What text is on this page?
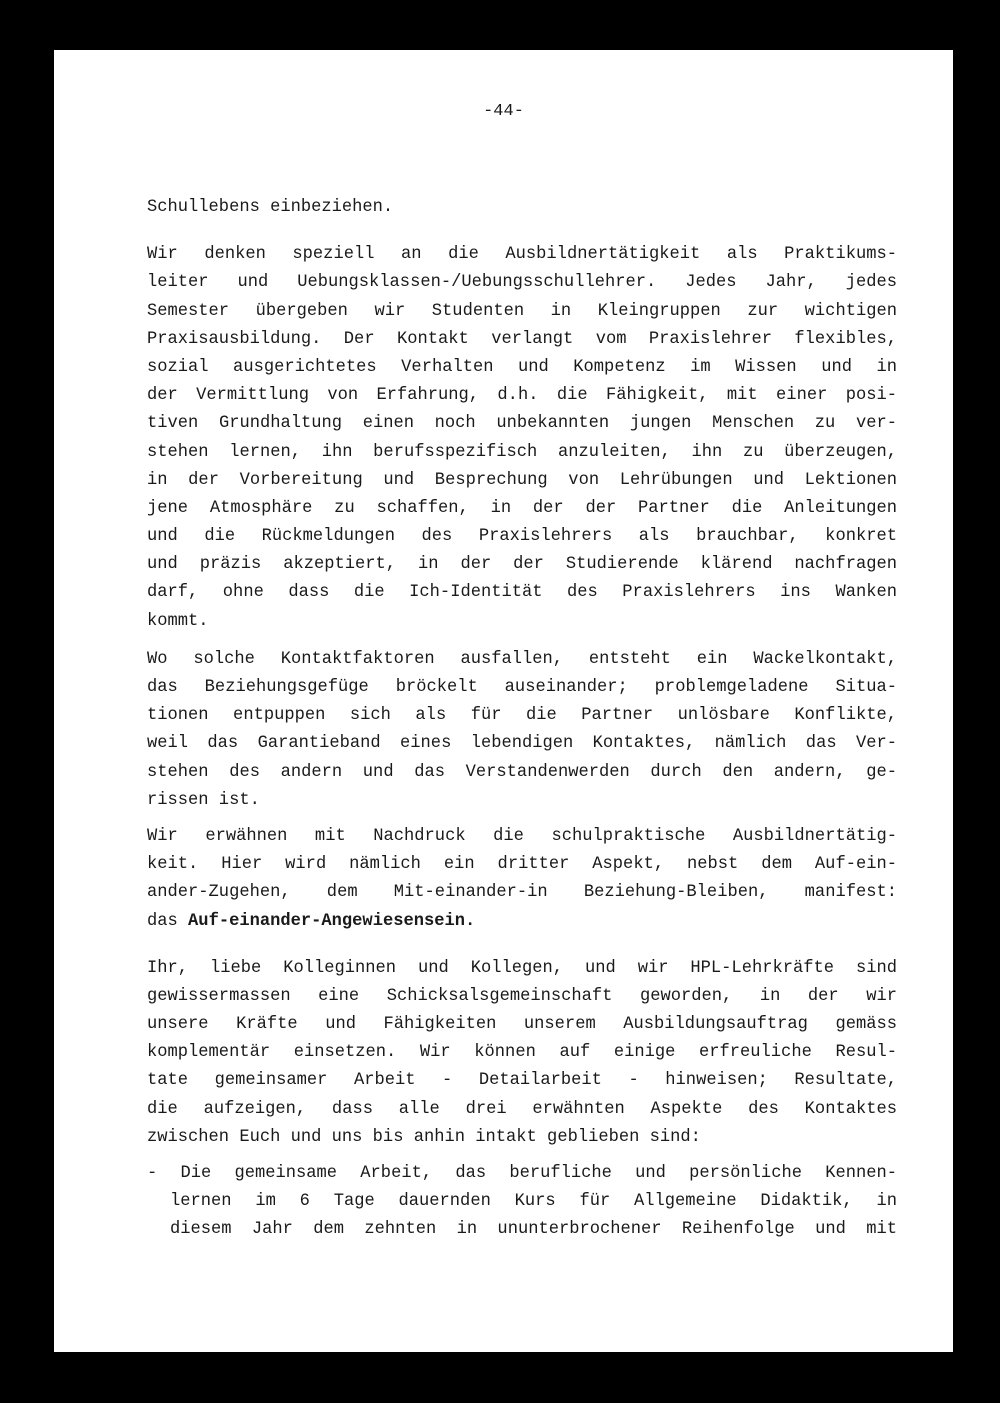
-44-
Schullebens einbeziehen.
Wir denken speziell an die Ausbildnertätigkeit als Praktikums-
leiter und Uebungsklassen-/Uebungsschullehrer. Jedes Jahr, jedes
Semester übergeben wir Studenten in Kleingruppen zur wichtigen
Praxisausbildung. Der Kontakt verlangt vom Praxislehrer flexibles,
sozial ausgerichtetes Verhalten und Kompetenz im Wissen und in
der Vermittlung von Erfahrung, d.h. die Fähigkeit, mit einer posi-
tiven Grundhaltung einen noch unbekannten jungen Menschen zu ver-
stehen lernen, ihn berufsspezifisch anzuleiten, ihn zu überzeugen,
in der Vorbereitung und Besprechung von Lehrübungen und Lektionen
jene Atmosphäre zu schaffen, in der der Partner die Anleitungen
und die Rückmeldungen des Praxislehrers als brauchbar, konkret
und präzis akzeptiert, in der der Studierende klärend nachfragen
darf, ohne dass die Ich-Identität des Praxislehrers ins Wanken
kommt.
Wo solche Kontaktfaktoren ausfallen, entsteht ein Wackelkontakt,
das Beziehungsgefüge bröckelt auseinander; problemgeladene Situa-
tionen entpuppen sich als für die Partner unlösbare Konflikte,
weil das Garantieband eines lebendigen Kontaktes, nämlich das Ver-
stehen des andern und das Verstandenwerden durch den andern, ge-
rissen ist.
Wir erwähnen mit Nachdruck die schulpraktische Ausbildnertätig-
keit. Hier wird nämlich ein dritter Aspekt, nebst dem Auf-ein-
ander-Zugehen, dem Mit-einander-in Beziehung-Bleiben, manifest:
das Auf-einander-Angewiesensein.
Ihr, liebe Kolleginnen und Kollegen, und wir HPL-Lehrkräfte sind
gewissermassen eine Schicksalsgemeinschaft geworden, in der wir
unsere Kräfte und Fähigkeiten unserem Ausbildungsauftrag gemäss
komplementär einsetzen. Wir können auf einige erfreuliche Resul-
tate gemeinsamer Arbeit - Detailarbeit - hinweisen; Resultate,
die aufzeigen, dass alle drei erwähnten Aspekte des Kontaktes
zwischen Euch und uns bis anhin intakt geblieben sind:
- Die gemeinsame Arbeit, das berufliche und persönliche Kennen-
lernen im 6 Tage dauernden Kurs für Allgemeine Didaktik, in
diesem Jahr dem zehnten in ununterbrochener Reihenfolge und mit
